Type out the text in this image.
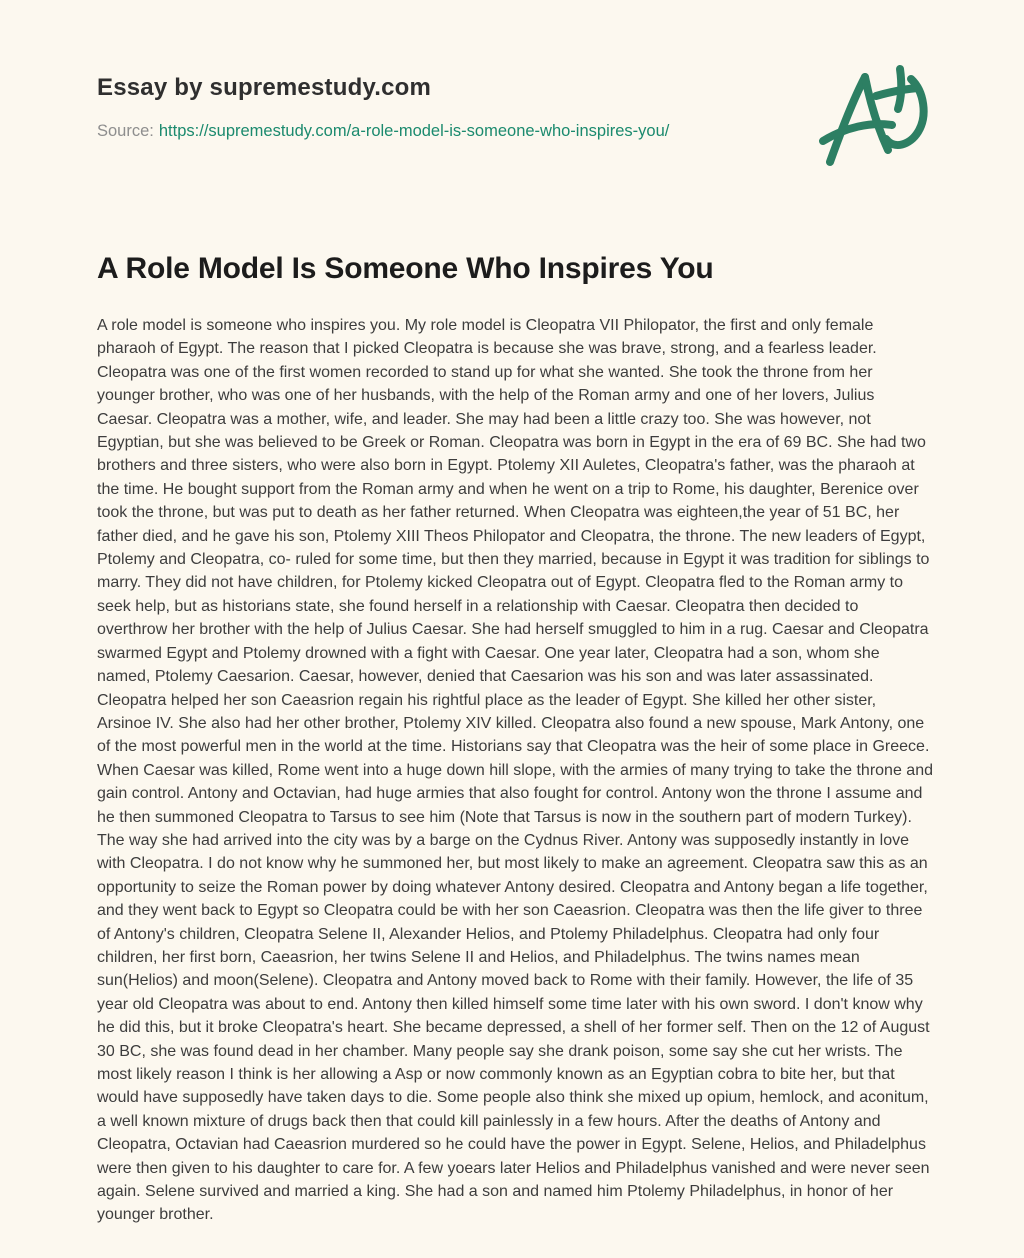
Essay by supremestudy.com

Source: https://supremestudy.com/a-role-model-is-someone-who-inspires-you/

A Role Model Is Someone Who Inspires You

A role model is someone who inspires you. My role model is Cleopatra VII Philopator, the first and only female pharaoh of Egypt. The reason that I picked Cleopatra is because she was brave, strong, and a fearless leader. Cleopatra was one of the first women recorded to stand up for what she wanted. She took the throne from her younger brother, who was one of her husbands, with the help of the Roman army and one of her lovers, Julius Caesar. Cleopatra was a mother, wife, and leader. She may had been a little crazy too. She was however, not Egyptian, but she was believed to be Greek or Roman. Cleopatra was born in Egypt in the era of 69 BC. She had two brothers and three sisters, who were also born in Egypt. Ptolemy XII Auletes, Cleopatra's father, was the pharaoh at the time. He bought support from the Roman army and when he went on a trip to Rome, his daughter, Berenice over took the throne, but was put to death as her father returned. When Cleopatra was eighteen,the year of 51 BC, her father died, and he gave his son, Ptolemy XIII Theos Philopator and Cleopatra, the throne. The new leaders of Egypt, Ptolemy and Cleopatra, co- ruled for some time, but then they married, because in Egypt it was tradition for siblings to marry. They did not have children, for Ptolemy kicked Cleopatra out of Egypt. Cleopatra fled to the Roman army to seek help, but as historians state, she found herself in a relationship with Caesar. Cleopatra then decided to overthrow her brother with the help of Julius Caesar. She had herself smuggled to him in a rug. Caesar and Cleopatra swarmed Egypt and Ptolemy drowned with a fight with Caesar. One year later, Cleopatra had a son, whom she named, Ptolemy Caesarion. Caesar, however, denied that Caesarion was his son and was later assassinated. Cleopatra helped her son Caeasrion regain his rightful place as the leader of Egypt. She killed her other sister, Arsinoe IV. She also had her other brother, Ptolemy XIV killed. Cleopatra also found a new spouse, Mark Antony, one of the most powerful men in the world at the time. Historians say that Cleopatra was the heir of some place in Greece. When Caesar was killed, Rome went into a huge down hill slope, with the armies of many trying to take the throne and gain control. Antony and Octavian, had huge armies that also fought for control. Antony won the throne I assume and he then summoned Cleopatra to Tarsus to see him (Note that Tarsus is now in the southern part of modern Turkey). The way she had arrived into the city was by a barge on the Cydnus River. Antony was supposedly instantly in love with Cleopatra. I do not know why he summoned her, but most likely to make an agreement. Cleopatra saw this as an opportunity to seize the Roman power by doing whatever Antony desired. Cleopatra and Antony began a life together, and they went back to Egypt so Cleopatra could be with her son Caeasrion. Cleopatra was then the life giver to three of Antony's children, Cleopatra Selene II, Alexander Helios, and Ptolemy Philadelphus. Cleopatra had only four children, her first born, Caeasrion, her twins Selene II and Helios, and Philadelphus. The twins names mean sun(Helios) and moon(Selene). Cleopatra and Antony moved back to Rome with their family. However, the life of 35 year old Cleopatra was about to end. Antony then killed himself some time later with his own sword. I don't know why he did this, but it broke Cleopatra's heart. She became depressed, a shell of her former self. Then on the 12 of August 30 BC, she was found dead in her chamber. Many people say she drank poison, some say she cut her wrists. The most likely reason I think is her allowing a Asp or now commonly known as an Egyptian cobra to bite her, but that would have supposedly have taken days to die. Some people also think she mixed up opium, hemlock, and aconitum, a well known mixture of drugs back then that could kill painlessly in a few hours. After the deaths of Antony and Cleopatra, Octavian had Caeasrion murdered so he could have the power in Egypt. Selene, Helios, and Philadelphus were then given to his daughter to care for. A few yoears later Helios and Philadelphus vanished and were never seen again. Selene survived and married a king. She had a son and named him Ptolemy Philadelphus, in honor of her younger brother.
